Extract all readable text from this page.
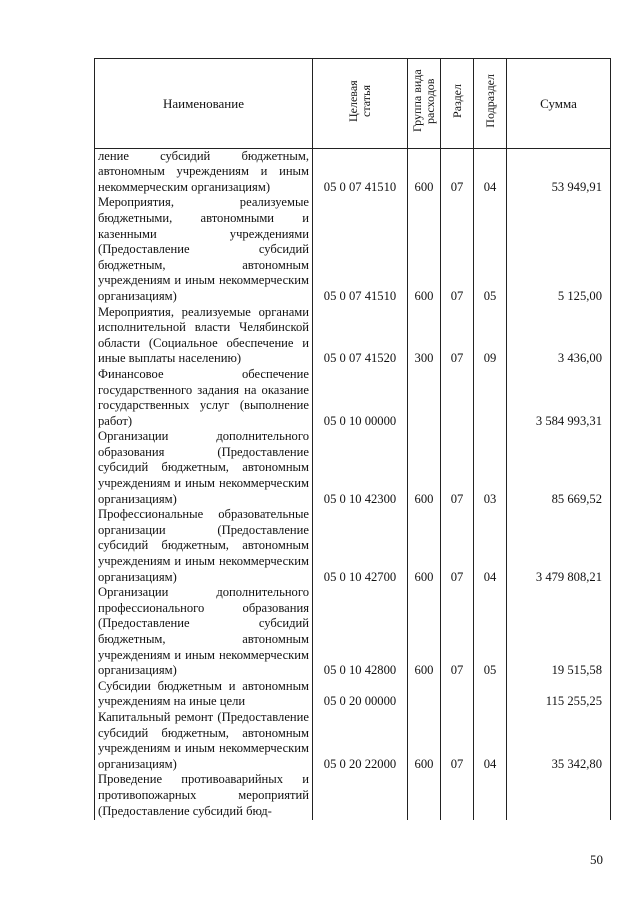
Наименование	Целевая статья	Группа вида расходов	Раздел	Подраздел	Сумма
ление субсидий бюджетным, автономным учреждениям и иным некоммерческим организациям)	05 0 07 41510	600	07	04	53 949,91
Мероприятия, реализуемые бюджетными, автономными и казенными учреждениями (Предоставление субсидий бюджетным, автономным учреждениям и иным некоммерческим организациям)	05 0 07 41510	600	07	05	5 125,00
Мероприятия, реализуемые органами исполнительной власти Челябинской области (Социальное обеспечение и иные выплаты населению)	05 0 07 41520	300	07	09	3 436,00
Финансовое обеспечение государственного задания на оказание государственных услуг (выполнение работ)	05 0 10 00000				3 584 993,31
Организации дополнительного образования (Предоставление субсидий бюджетным, автономным учреждениям и иным некоммерческим организациям)	05 0 10 42300	600	07	03	85 669,52
Профессиональные образовательные организации (Предоставление субсидий бюджетным, автономным учреждениям и иным некоммерческим организациям)	05 0 10 42700	600	07	04	3 479 808,21
Организации дополнительного профессионального образования (Предоставление субсидий бюджетным, автономным учреждениям и иным некоммерческим организациям)	05 0 10 42800	600	07	05	19 515,58
Субсидии бюджетным и автономным учреждениям на иные цели	05 0 20 00000				115 255,25
Капитальный ремонт (Предоставление субсидий бюджетным, автономным учреждениям и иным некоммерческим организациям)	05 0 20 22000	600	07	04	35 342,80
Проведение противоаварийных и противопожарных мероприятий (Предоставление субсидий бюд-					
50
